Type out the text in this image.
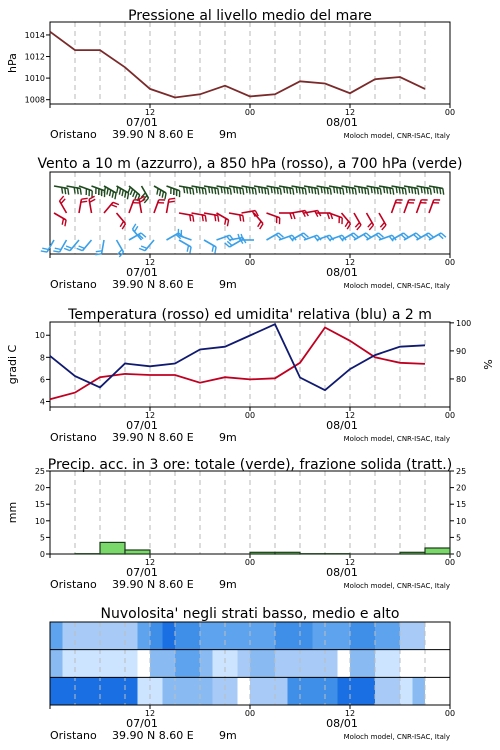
Pressione al livello medio del mare
12	00	12	00
07/01	08/01
Oristano 39.90 N 8.60 E 9m	Moloch model, CNR-ISAC, Italy
1008
1010
1012
1014
hPa
Vento a 10 m (azzurro), a 850 hPa (rosso), a 700 hPa (verde)
12	00	12	00
07/01	08/01
Oristano 39.90 N 8.60 E 9m	Moloch model, CNR-ISAC, Italy
Temperatura (rosso) ed umidita' relativa (blu) a 2 m
12	00	12	00
07/01	08/01
Oristano 39.90 N 8.60 E 9m	Moloch model, CNR-ISAC, Italy
4
6
8
10
gradi C	80
90
100
%
Precip. acc. in 3 ore: totale (verde), frazione solida (tratt.)
12	00	12	00
07/01	08/01
Oristano 39.90 N 8.60 E 9m	Moloch model, CNR-ISAC, Italy
0
5
10
15
20
25
mm
0
5
10
15
20
25
Nuvolosita' negli strati basso, medio e alto
12	00	12	00
07/01	08/01
Oristano 39.90 N 8.60 E 9m	Moloch model, CNR-ISAC, Italy
